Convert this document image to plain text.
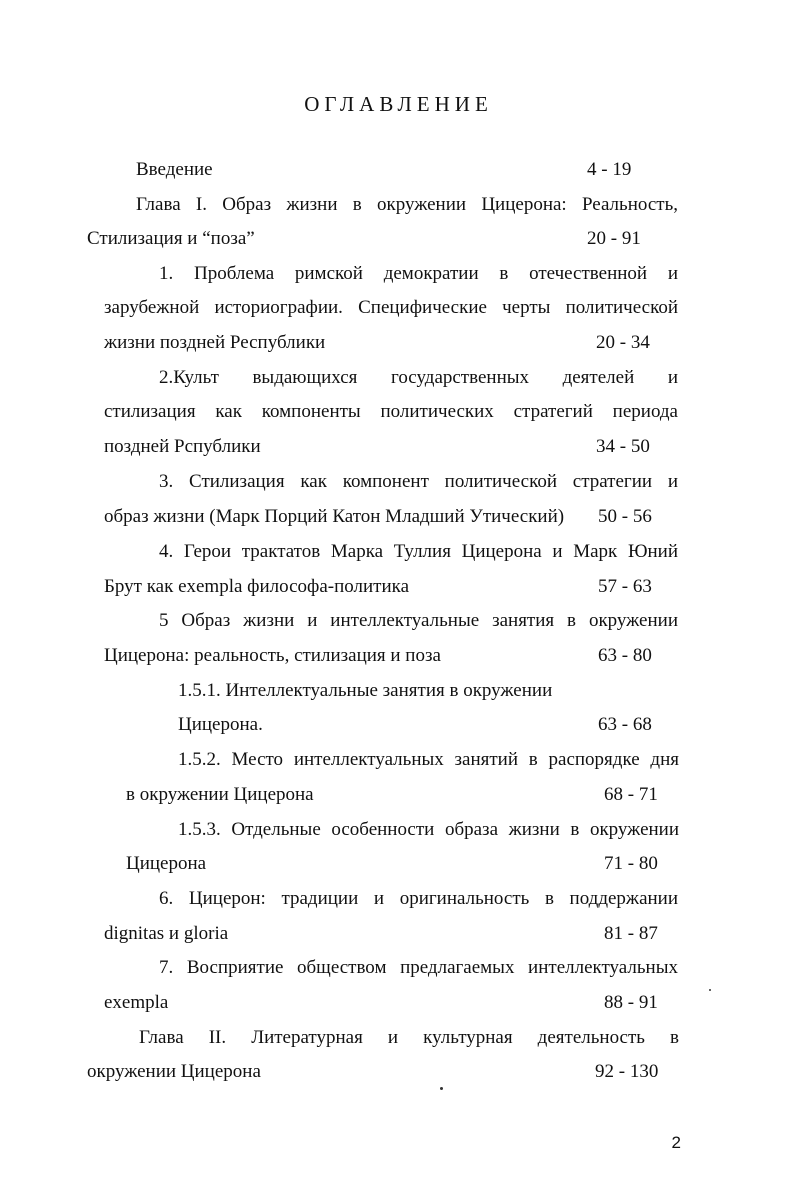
ОГЛАВЛЕНИЕ
Введение	4 - 19
Глава I. Образ жизни в окружении Цицерона: Реальность,
Стилизация и “поза”	20 - 91
1. Проблема римской демократии в отечественной и
зарубежной историографии. Специфические черты политической
жизни поздней Республики	20 - 34
2.Культ выдающихся государственных деятелей и
стилизация как компоненты политических стратегий периода
поздней Рспублики	34 - 50
3. Стилизация как компонент политической стратегии и
образ жизни (Марк Порций Катон Младший Утический) 50 - 56
4. Герои трактатов Марка Туллия Цицерона и Марк Юний
Брут как exempla философа-политика	57 - 63
5 Образ жизни и интеллектуальные занятия в окружении
Цицерона: реальность, стилизация и поза	63 - 80
1.5.1. Интеллектуальные занятия в окружении
Цицерона.	63 - 68
1.5.2. Место интеллектуальных занятий в распорядке дня
в окружении Цицерона	68 - 71
1.5.3. Отдельные особенности образа жизни в окружении
Цицерона	71 - 80
6. Цицерон: традиции и оригинальность в поддержании
dignitas и gloria	81 - 87
7. Восприятие обществом предлагаемых интеллектуальных
exempla	88 - 91
Глава II. Литературная и культурная деятельность в
окружении Цицерона	92 - 130
2
